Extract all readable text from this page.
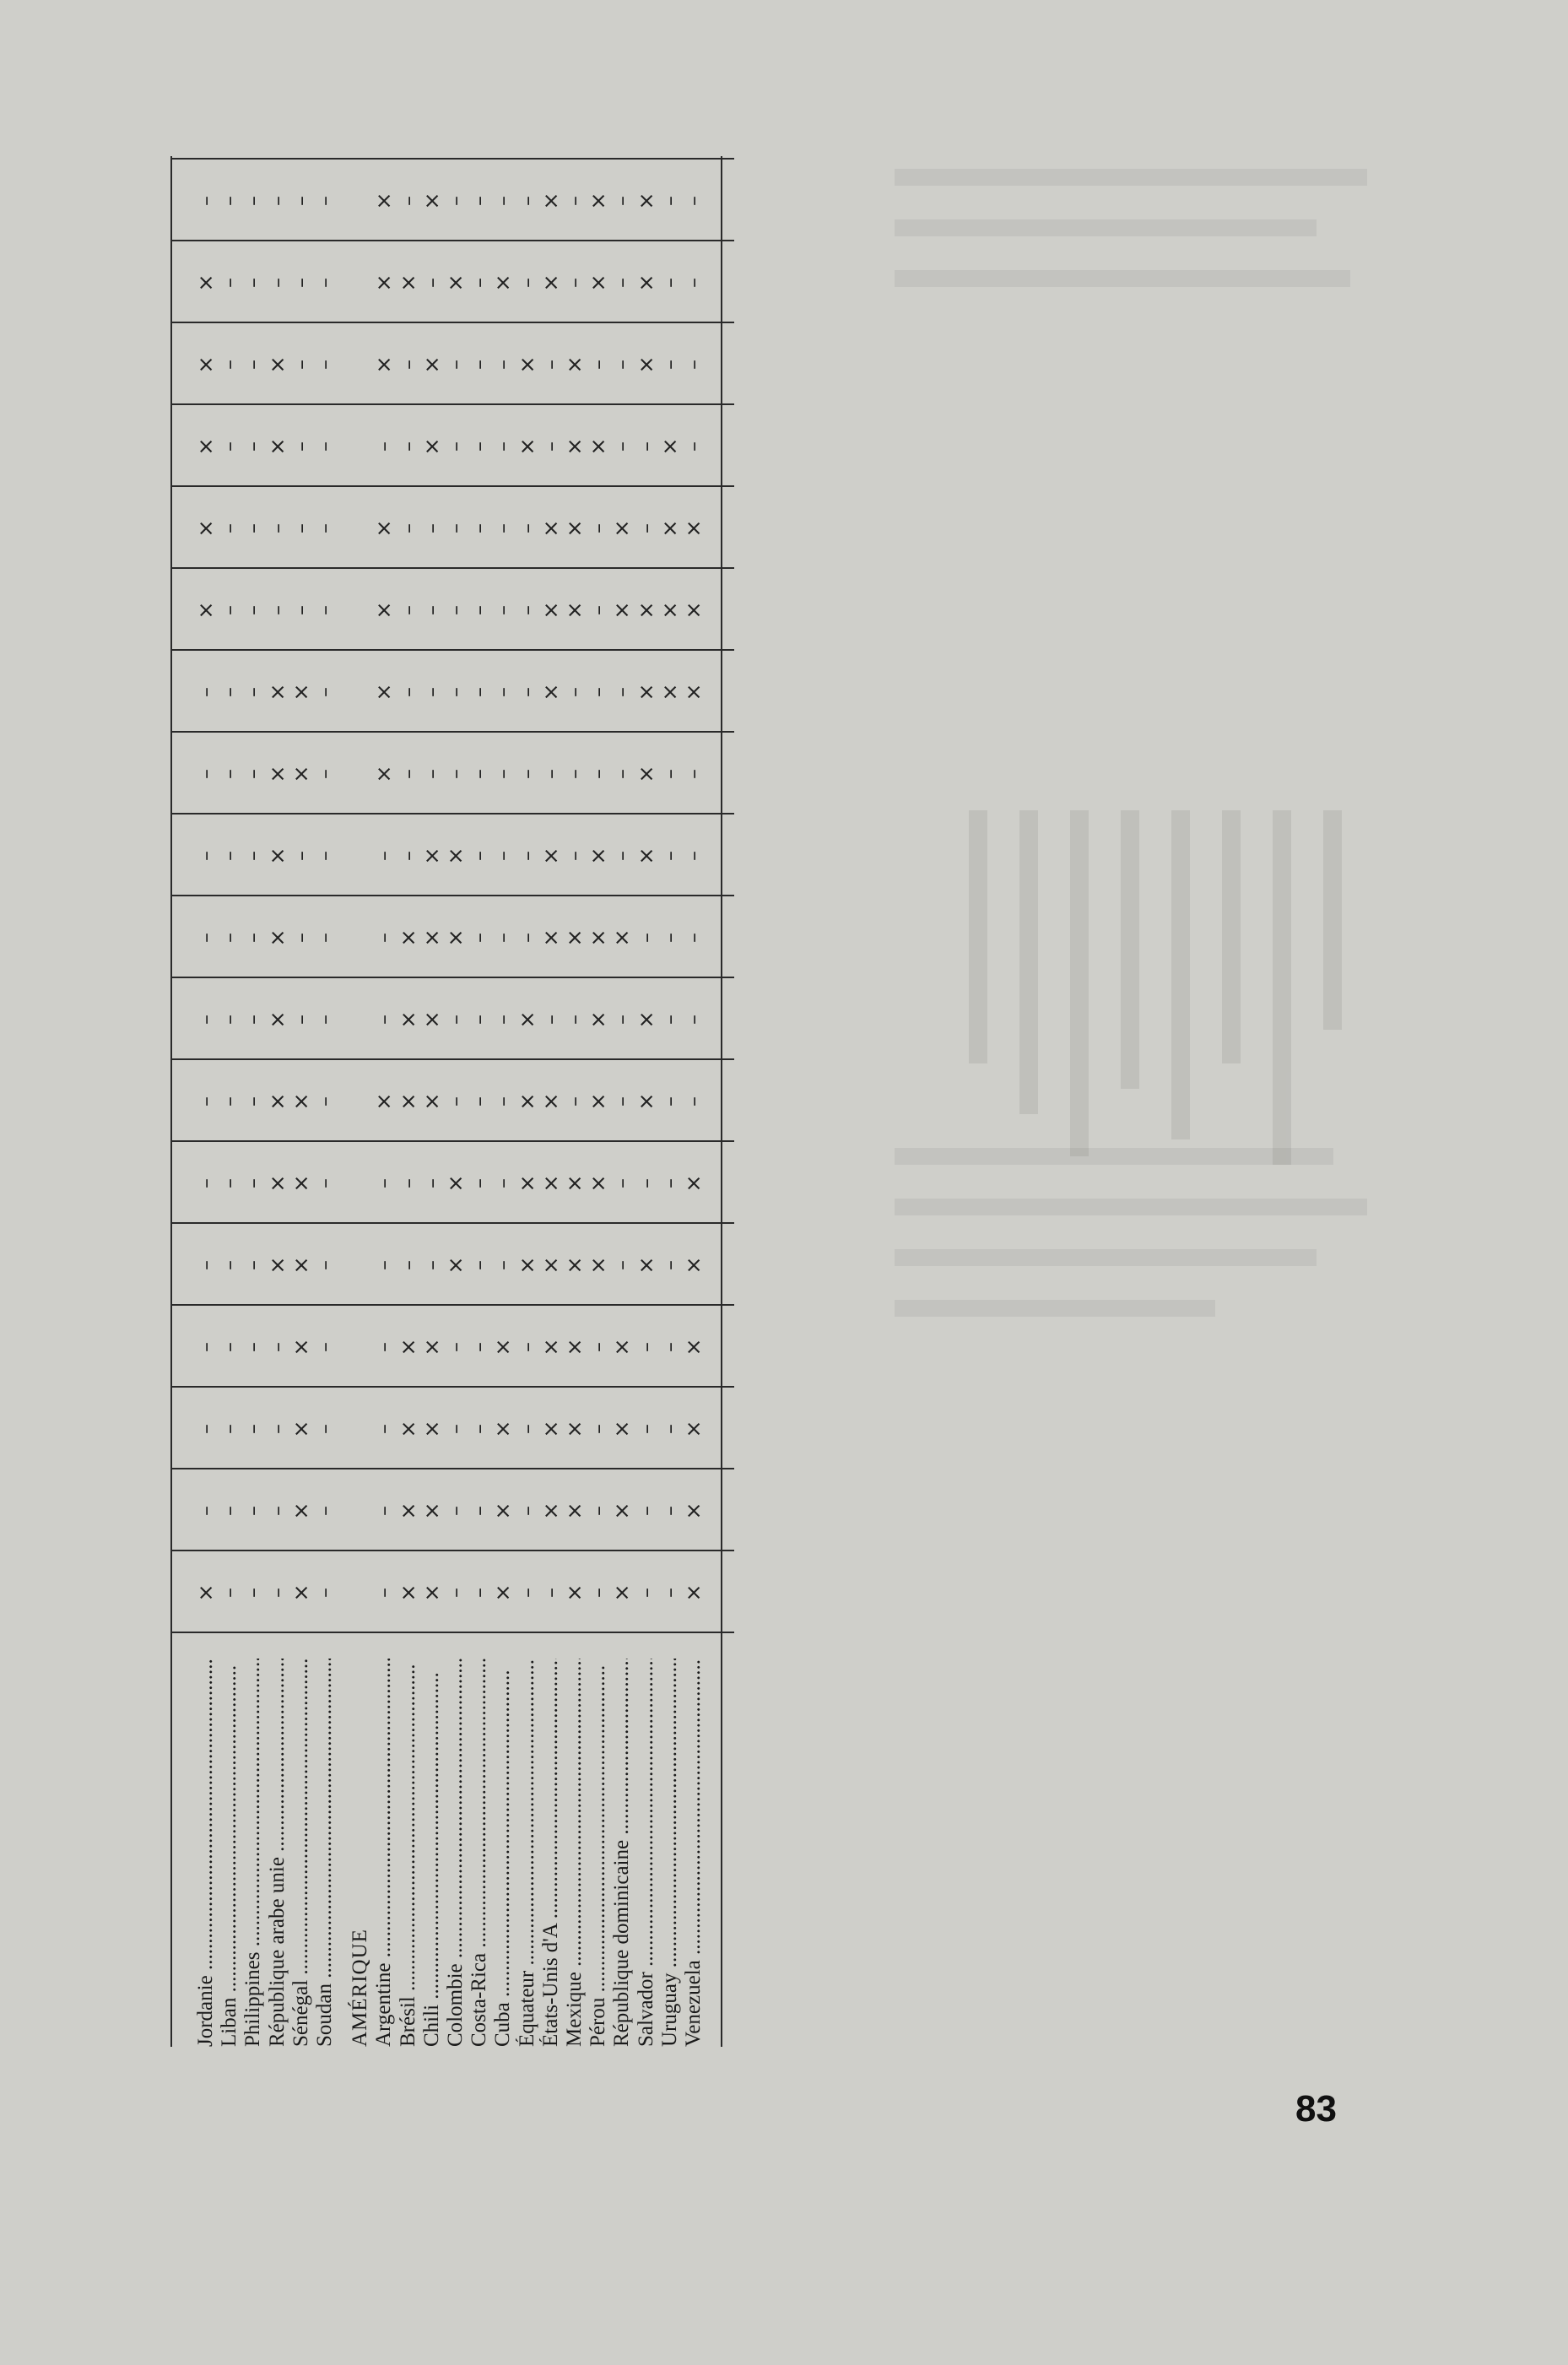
Jordanie .....
×
–
–
–
–
–
–
–
–
–
–
–
×
×
×
×
×
–
Liban .....
–
–
–
–
–
–
–
–
–
–
–
–
–
–
–
–
–
–
Philippines .....
–
–
–
–
–
–
–
–
–
–
–
–
–
–
–
–
–
–
République arabe unie .....
–
–
–
–
×
×
×
×
×
×
×
×
–
–
×
×
–
–
Sénégal .....
×
×
×
×
×
×
×
–
–
–
×
×
–
–
–
–
–
–
Soudan .....
–
–
–
–
–
–
–
–
–
–
–
–
–
–
–
–
–
–
AMÉRIQUE Argentine .....
–
–
–
–
–
–
×
–
–
–
×
×
×
×
–
×
×
×
Brésil .....
×
×
×
×
–
–
×
×
×
–
–
–
–
–
–
–
×
–
Chili .....
×
×
×
×
–
–
×
×
×
×
–
–
–
–
×
×
–
×
Colombie .....
–
–
–
–
×
×
–
–
×
×
–
–
–
–
–
–
×
–
Costa-Rica .....
–
–
–
–
–
–
–
–
–
–
–
–
–
–
–
–
–
–
Cuba .....
×
×
×
×
–
–
–
–
–
–
–
–
–
–
–
–
×
–
Équateur .....
–
–
–
–
×
×
×
×
–
–
–
–
–
–
×
×
–
–
États-Unis d'A .....
–
×
×
×
×
×
×
–
×
×
–
×
×
×
–
–
×
×
Mexique .....
×
×
×
×
×
×
–
–
×
–
–
–
×
×
×
×
–
–
Pérou .....
–
–
–
–
×
×
×
×
×
×
–
–
–
–
×
–
×
×
République dominicaine .....
×
×
×
×
–
–
–
–
×
–
–
–
×
×
–
–
–
–
Salvador .....
–
–
–
–
×
–
×
×
–
×
×
×
×
–
–
×
×
×
Uruguay .....
–
–
–
–
–
–
–
–
–
–
–
×
×
×
×
–
–
–
Venezuela .....
×
×
×
×
×
×
–
–
–
–
–
×
×
×
–
–
–
–
83
